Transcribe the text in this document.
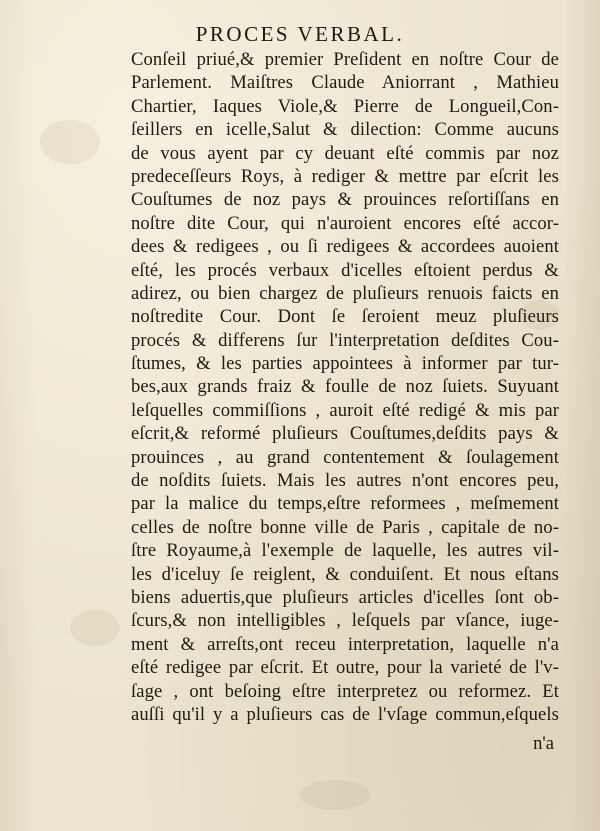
PROCES VERBAL.
Conſeil priué,& premier Preſident en noſtre Cour de
Parlement. Maiſtres Claude Aniorrant , Mathieu
Chartier, Iaques Viole,& Pierre de Longueil,Con-
ſeillers en icelle,Salut & dilection: Comme aucuns
de vous ayent par cy deuant eſté commis par noz
predeceſſeurs Roys, à rediger & mettre par eſcrit les
Couſtumes de noz pays & prouinces reſortiſſans en
noſtre dite Cour, qui n'auroient encores eſté accor-
dees & redigees , ou ſi redigees & accordees auoient
eſté, les procés verbaux d'icelles eſtoient perdus &
adirez, ou bien chargez de pluſieurs renuois faicts en
noſtredite Cour. Dont ſe ſeroient meuz pluſieurs
procés & differens ſur l'interpretation deſdites Cou-
ſtumes, & les parties appointees à informer par tur-
bes,aux grands fraiz & foulle de noz ſuiets. Suyuant
leſquelles commiſſions , auroit eſté redigé & mis par
eſcrit,& reformé pluſieurs Couſtumes,deſdits pays &
prouinces , au grand contentement & ſoulagement
de noſdits ſuiets. Mais les autres n'ont encores peu,
par la malice du temps,eſtre reformees , meſmement
celles de noſtre bonne ville de Paris , capitale de no-
ſtre Royaume,à l'exemple de laquelle, les autres vil-
les d'iceluy ſe reiglent, & conduiſent. Et nous eſtans
biens aduertis,que pluſieurs articles d'icelles ſont ob-
ſcurs,& non intelligibles , leſquels par vſance, iuge-
ment & arreſts,ont receu interpretation, laquelle n'a
eſté redigee par eſcrit. Et outre, pour la varieté de l'v-
ſage , ont beſoing eſtre interpretez ou reformez. Et
auſſi qu'il y a pluſieurs cas de l'vſage commun,eſquels
n'a
